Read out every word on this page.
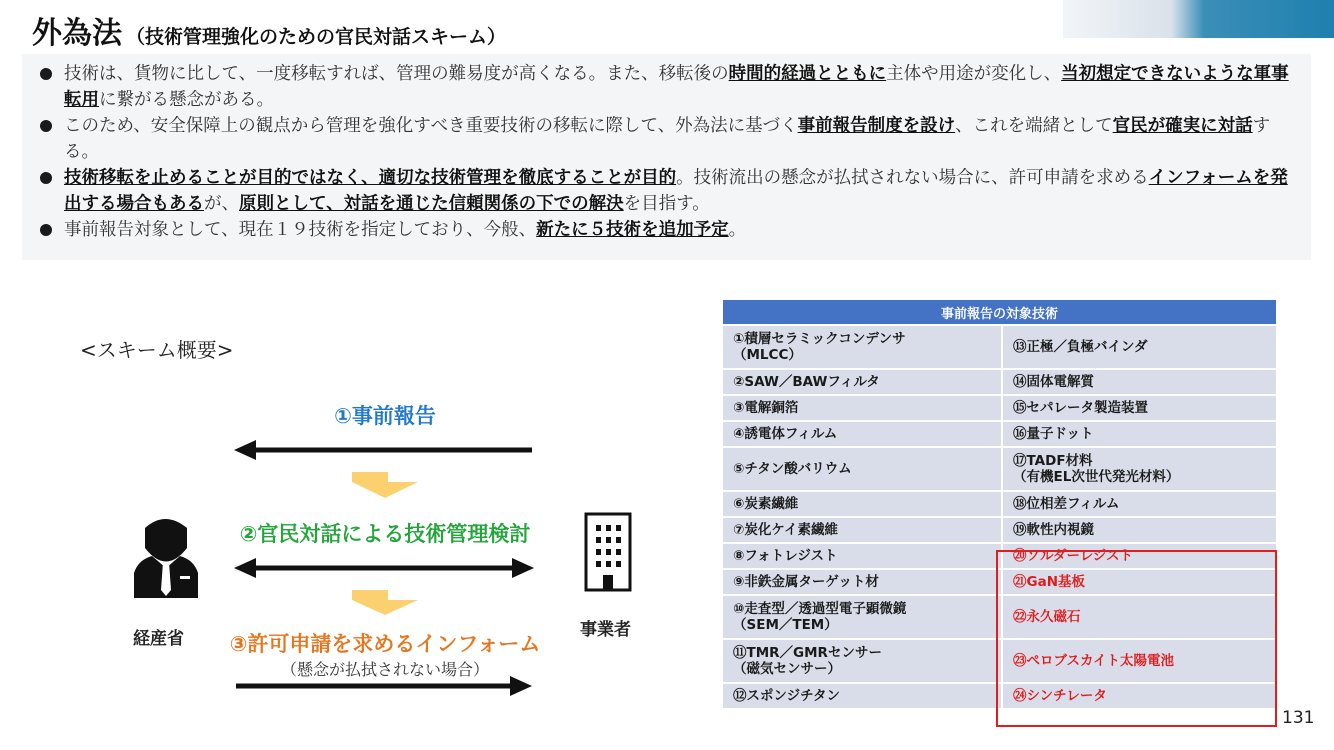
外為法 （技術管理強化のための官民対話スキーム）
技術は、貨物に比して、一度移転すれば、管理の難易度が高くなる。また、移転後の時間的経過とともに主体や用途が変化し、当初想定できないような軍事転用に繋がる懸念がある。
このため、安全保障上の観点から管理を強化すべき重要技術の移転に際して、外為法に基づく事前報告制度を設け、これを端緒として官民が確実に対話する。
技術移転を止めることが目的ではなく、適切な技術管理を徹底することが目的。技術流出の懸念が払拭されない場合に、許可申請を求めるインフォームを発出する場合もあるが、原則として、対話を通じた信頼関係の下での解決を目指す。
事前報告対象として、現在１９技術を指定しており、今般、新たに５技術を追加予定。
<スキーム概要>
①事前報告
②官民対話による技術管理検討
③許可申請を求めるインフォーム
（懸念が払拭されない場合）
経産省	事業者
事前報告の対象技術	
①積層セラミックコンデンサ
（MLCC）	⑬正極／負極バインダ
②SAW／BAWフィルタ	⑭固体電解質
③電解銅箔	⑮セパレータ製造装置
④誘電体フィルム	⑯量子ドット
⑤チタン酸バリウム	⑰TADF材料
（有機EL次世代発光材料）
⑥炭素繊維	⑱位相差フィルム
⑦炭化ケイ素繊維	⑲軟性内視鏡
⑧フォトレジスト	⑳ソルダーレジスト
⑨非鉄金属ターゲット材	㉑GaN基板
⑩走査型／透過型電子顕微鏡
（SEM／TEM）	㉒永久磁石
⑪TMR／GMRセンサー
（磁気センサー）	㉓ペロブスカイト太陽電池
⑫スポンジチタン	㉔シンチレータ
131
